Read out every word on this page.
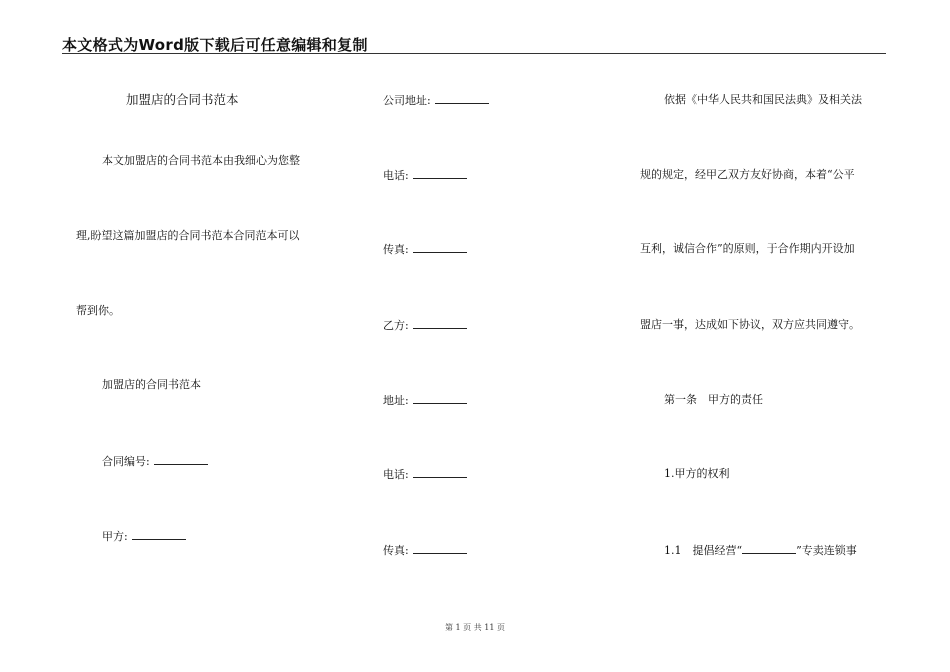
本文格式为Word版下载后可任意编辑和复制
加盟店的合同书范本
本文加盟店的合同书范本由我细心为您整
理,盼望这篇加盟店的合同书范本合同范本可以
帮到你。
加盟店的合同书范本
合同编号:
甲方:
公司地址:
电话:
传真:
乙方:
地址:
电话:
传真:
依据《中华人民共和国民法典》及相关法
规的规定，经甲乙双方友好协商，本着“公平
互利，诚信合作”的原则，于合作期内开设加
盟店一事，达成如下协议，双方应共同遵守。
第一条　甲方的责任
1.甲方的权利
1.1　提倡经营“	”专卖连锁事
第 1 页 共 11 页
